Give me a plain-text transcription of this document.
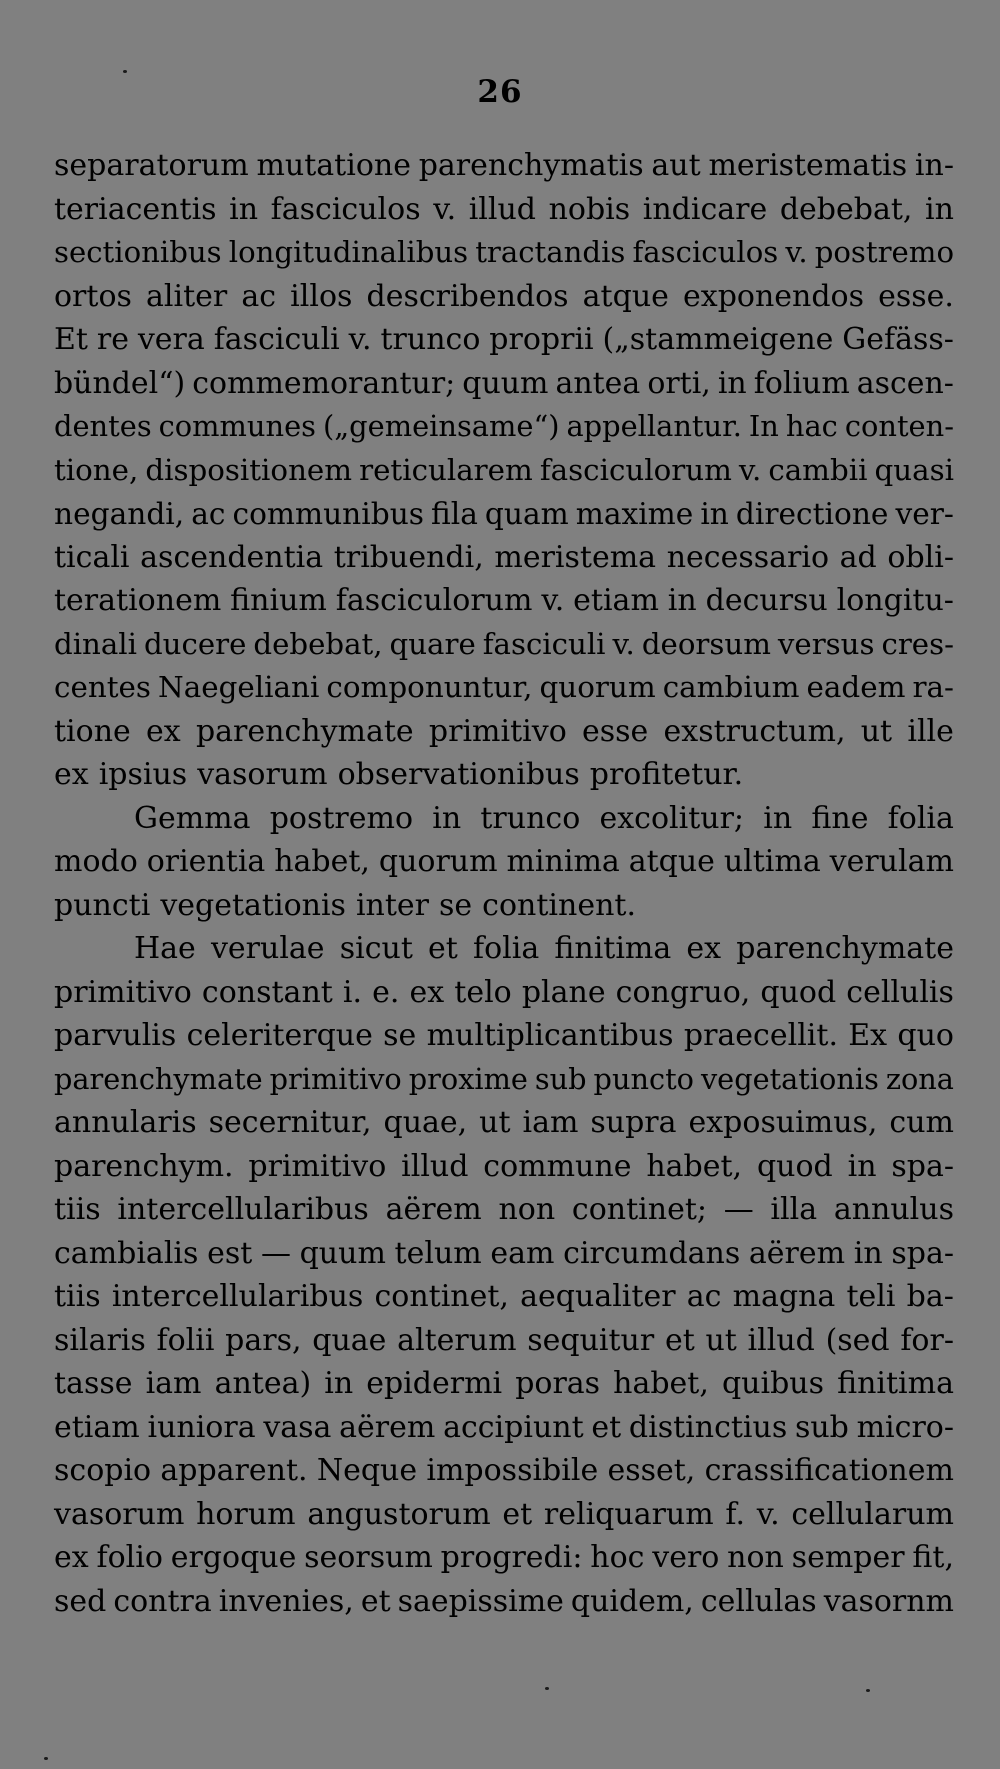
26
separatorum mutatione parenchymatis aut meristematis in-
teriacentis in fasciculos v. illud nobis indicare debebat, in
sectionibus longitudinalibus tractandis fasciculos v. postremo
ortos aliter ac illos describendos atque exponendos esse.
Et re vera fasciculi v. trunco proprii („stammeigene Gefäss-
bündel“) commemorantur; quum antea orti, in folium ascen-
dentes communes („gemeinsame“) appellantur. In hac conten-
tione, dispositionem reticularem fasciculorum v. cambii quasi
negandi, ac communibus fila quam maxime in directione ver-
ticali ascendentia tribuendi, meristema necessario ad obli-
terationem finium fasciculorum v. etiam in decursu longitu-
dinali ducere debebat, quare fasciculi v. deorsum versus cres-
centes Naegeliani componuntur, quorum cambium eadem ra-
tione ex parenchymate primitivo esse exstructum, ut ille
ex ipsius vasorum observationibus profitetur.
Gemma postremo in trunco excolitur; in fine folia
modo orientia habet, quorum minima atque ultima verulam
puncti vegetationis inter se continent.
Hae verulae sicut et folia finitima ex parenchymate
primitivo constant i. e. ex telo plane congruo, quod cellulis
parvulis celeriterque se multiplicantibus praecellit. Ex quo
parenchymate primitivo proxime sub puncto vegetationis zona
annularis secernitur, quae, ut iam supra exposuimus, cum
parenchym. primitivo illud commune habet, quod in spa-
tiis intercellularibus aërem non continet; — illa annulus
cambialis est — quum telum eam circumdans aërem in spa-
tiis intercellularibus continet, aequaliter ac magna teli ba-
silaris folii pars, quae alterum sequitur et ut illud (sed for-
tasse iam antea) in epidermi poras habet, quibus finitima
etiam iuniora vasa aërem accipiunt et distinctius sub micro-
scopio apparent. Neque impossibile esset, crassificationem
vasorum horum angustorum et reliquarum f. v. cellularum
ex folio ergoque seorsum progredi: hoc vero non semper fit,
sed contra invenies, et saepissime quidem, cellulas vasornm
